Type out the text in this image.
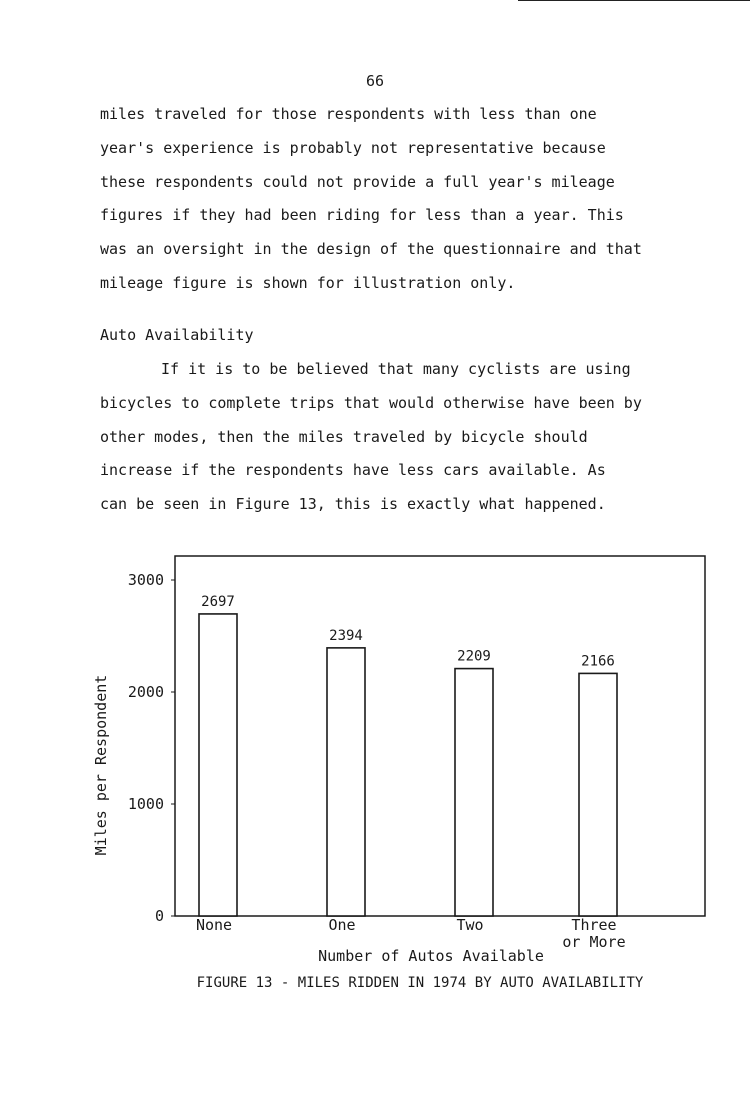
66

miles traveled for those respondents with less than one
year's experience is probably not representative because
these respondents could not provide a full year's mileage
figures if they had been riding for less than a year. This
was an oversight in the design of the questionnaire and that
mileage figure is shown for illustration only.

Auto Availability

If it is to be believed that many cyclists are using
bicycles to complete trips that would otherwise have been by
other modes, then the miles traveled by bicycle should
increase if the respondents have less cars available. As
can be seen in Figure 13, this is exactly what happened.

Miles per Respondent
0
1000
2000
3000
2697
2394
2209	2166
None	One	Two	Three or More
Number of Autos Available
FIGURE 13 - MILES RIDDEN IN 1974 BY AUTO AVAILABILITY
